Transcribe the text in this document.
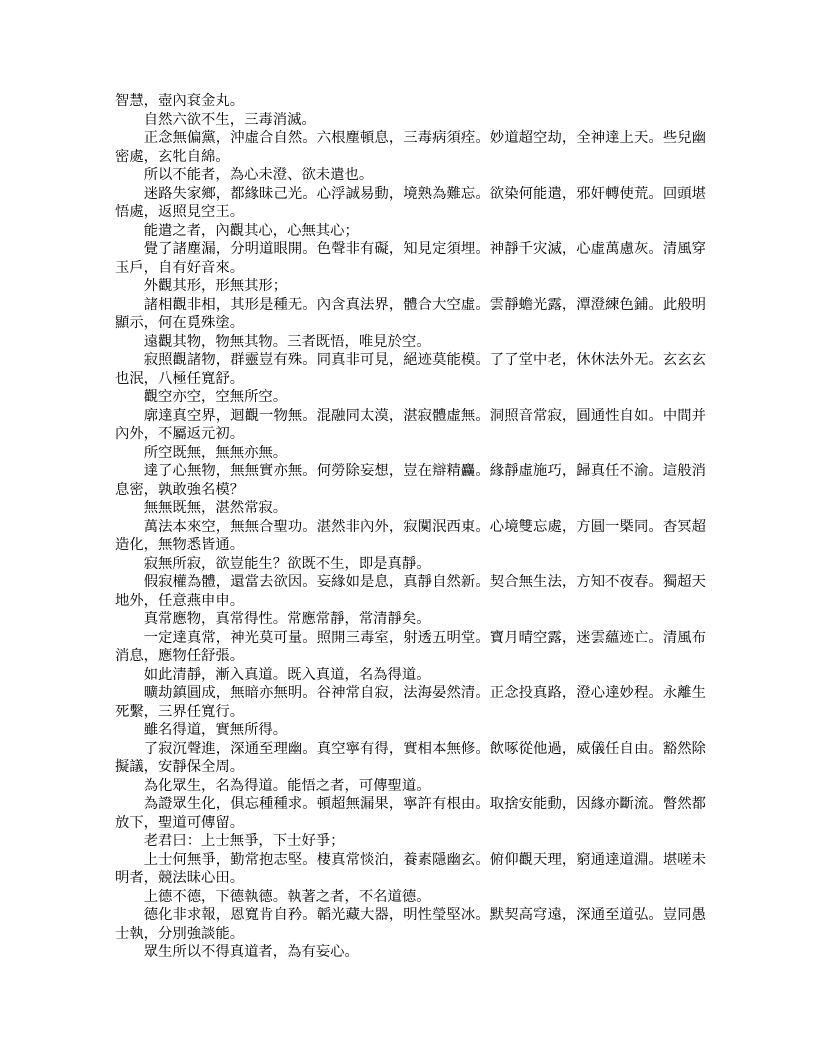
智慧，壺內袞金丸。

自然六欲不生，三毒消滅。

正念無偏黨，沖虛合自然。六根塵頓息，三毒病須痊。妙道超空劫，全神達上天。些兒幽密處，玄牝自綿。

所以不能者，為心未澄、欲未遣也。

迷路失家鄉，都緣昧己光。心浮誠易動，境熟為難忘。欲染何能遣，邪奸轉使荒。回頭堪悟處，返照見空王。

能遣之者，內觀其心，心無其心；

覺了諸塵漏，分明道眼開。色聲非有礙，知見定須埋。神靜千灾滅，心虛萬慮灰。清風穿玉戶，自有好音來。

外觀其形，形無其形；

諸相觀非相，其形是種无。內含真法界，體合大空虛。雲靜蟾光露，潭澄練色鋪。此般明顯示，何在覓殊塗。

遠觀其物，物無其物。三者既悟，唯見於空。

寂照觀諸物，群靈豈有殊。同真非可見，絕迹莫能模。了了堂中老，休休法外无。玄玄玄也泯，八極任寬舒。

觀空亦空，空無所空。

廓達真空界，迴觀一物無。混融同太漠，湛寂體虛無。洞照音常寂，圓通性自如。中間并內外，不屬返元初。

所空既無，無無亦無。

達了心無物，無無實亦無。何勞除妄想，豈在辯精麤。緣靜虛施巧，歸真任不渝。這般消息密，孰敢強名模？

無無既無，湛然常寂。

萬法本來空，無無合聖功。湛然非內外，寂闃泯西東。心境雙忘處，方圓一槩同。杳冥超造化，無物悉皆通。

寂無所寂，欲豈能生？欲既不生，即是真靜。

假寂權為體，還當去欲因。妄緣如是息，真靜自然新。契合無生法，方知不夜春。獨超天地外，任意燕申申。

真常應物，真常得性。常應常靜，常清靜矣。

一定達真常，神光莫可量。照開三毒室，射透五明堂。寶月晴空露，迷雲蘊迹亡。清風布消息，應物任舒張。

如此清靜，漸入真道。既入真道，名為得道。

曠劫鎮圓成，無暗亦無明。谷神常自寂，法海晏然清。正念投真路，澄心達妙程。永離生死繫，三界任寬行。

雖名得道，實無所得。

了寂沉聲進，深通至理幽。真空寧有得，實相本無修。飲啄從他過，威儀任自由。豁然除擬議，安靜保全周。

為化眾生，名為得道。能悟之者，可傳聖道。

為證眾生化，俱忘種種求。頓超無漏果，寧許有根由。取捨安能動，因緣亦斷流。瞥然都放下，聖道可傳留。

老君曰：上士無爭，下士好爭；

上士何無爭，勤常抱志堅。棲真常惔泊，養素隱幽玄。俯仰觀天理，窮通達道淵。堪嗟未明者，競法昧心田。

上德不德，下德執德。執著之者，不名道德。

德化非求報，恩寬肯自矜。韜光藏大器，明性瑩堅冰。默契高穹遠，深通至道弘。豈同愚士執，分別強談能。

眾生所以不得真道者，為有妄心。
